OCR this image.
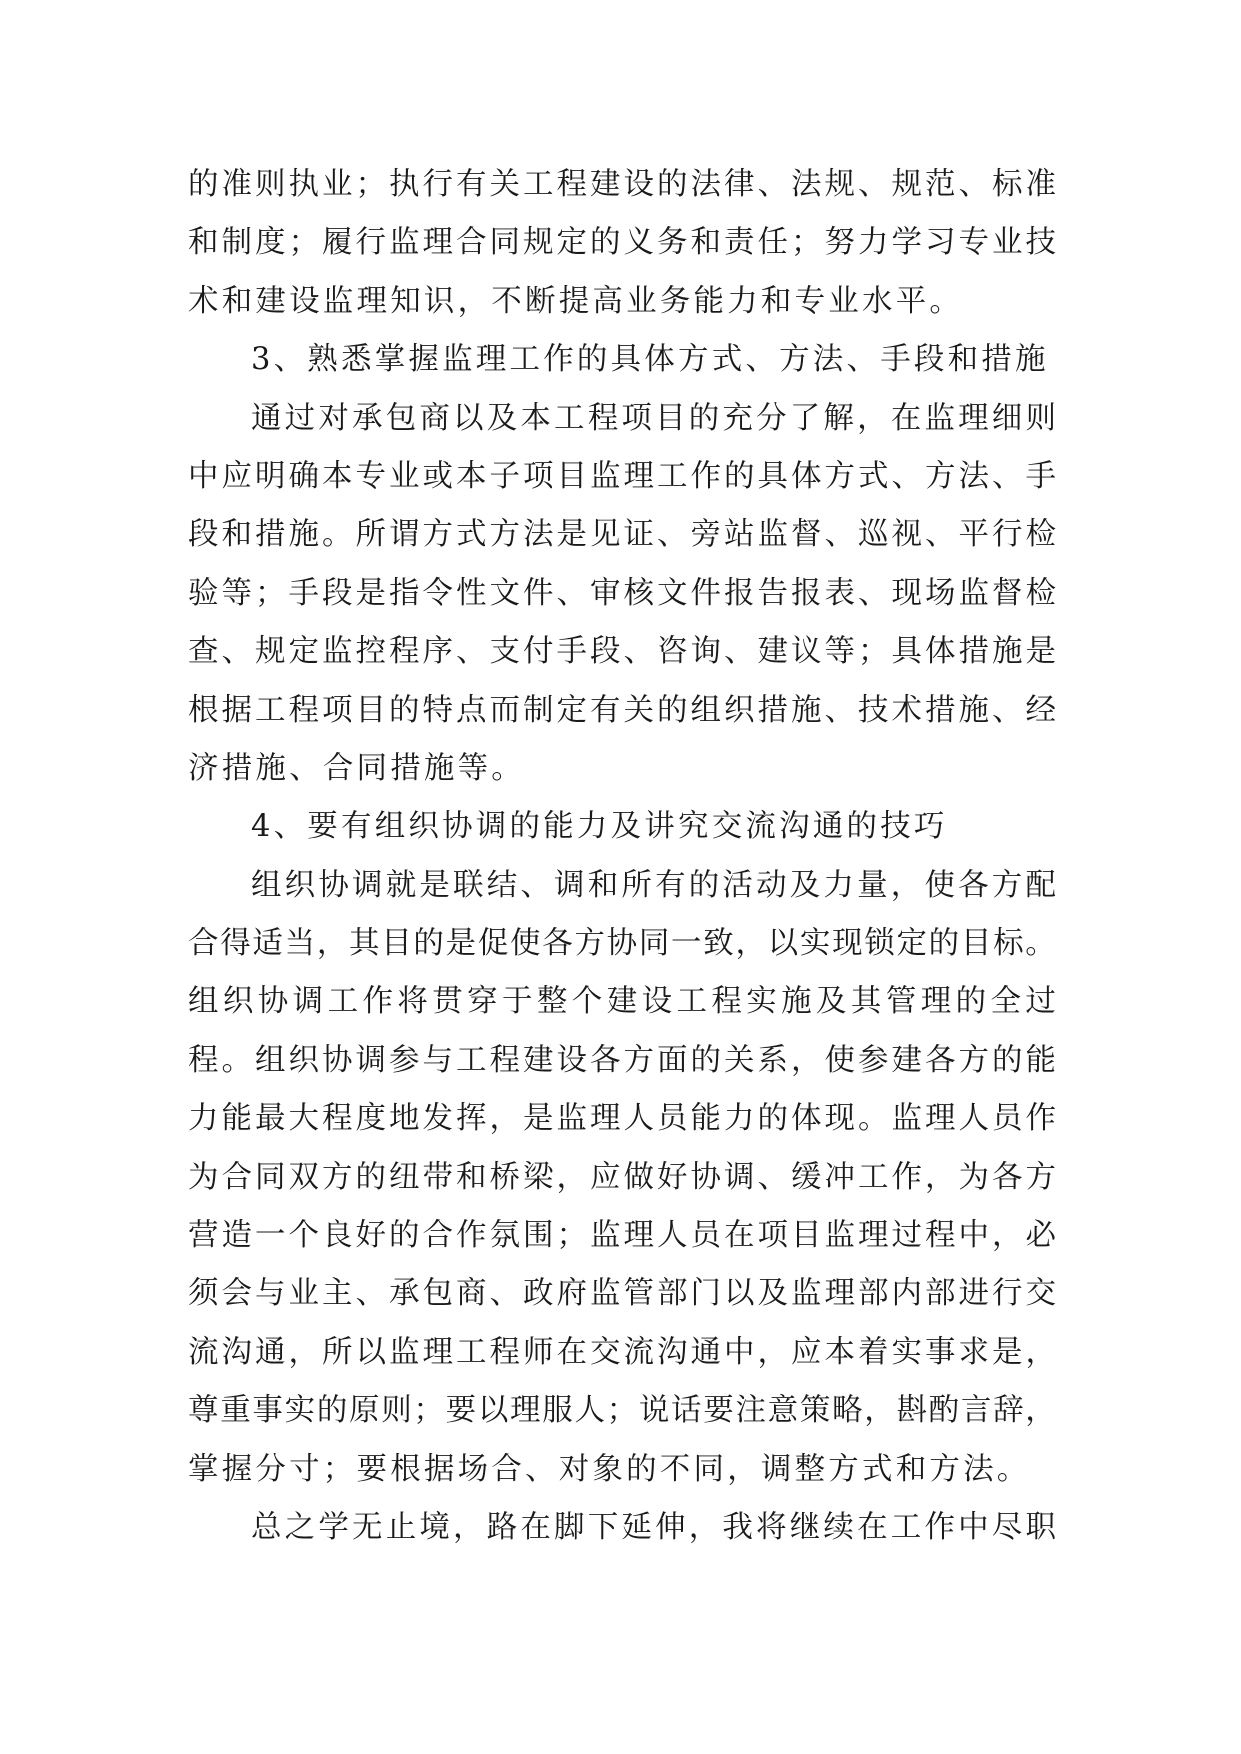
的 准 则 执 业 ； 执 行 有 关 工 程 建 设 的 法 律 、 法 规 、 规 范 、 标 准
和 制 度 ； 履 行 监 理 合 同 规 定 的 义 务 和 责 任 ； 努 力 学 习 专 业 技
术和建设监理知识，不断提高业务能力和专业水平。
3、熟悉掌握监理工作的具体方式、方法、手段和措施
通 过 对 承 包 商 以 及 本 工 程 项 目 的 充 分 了 解 ， 在 监 理 细 则
中 应 明 确 本 专 业 或 本 子 项 目 监 理 工 作 的 具 体 方 式 、 方 法 、 手
段 和 措 施 。 所 谓 方 式 方 法 是 见 证 、 旁 站 监 督 、 巡 视 、 平 行 检
验 等 ； 手 段 是 指 令 性 文 件 、 审 核 文 件 报 告 报 表 、 现 场 监 督 检
查 、 规 定 监 控 程 序 、 支 付 手 段 、 咨 询 、 建 议 等 ； 具 体 措 施 是
根 据 工 程 项 目 的 特 点 而 制 定 有 关 的 组 织 措 施 、 技 术 措 施 、 经
济措施、合同措施等。
4、要有组织协调的能力及讲究交流沟通的技巧
组 织 协 调 就 是 联 结 、 调 和 所 有 的 活 动 及 力 量 ， 使 各 方 配
合 得 适 当 ， 其 目 的 是 促 使 各 方 协 同 一 致 ， 以 实 现 锁 定 的 目 标 。
组 织 协 调 工 作 将 贯 穿 于 整 个 建 设 工 程 实 施 及 其 管 理 的 全 过
程 。 组 织 协 调 参 与 工 程 建 设 各 方 面 的 关 系 ， 使 参 建 各 方 的 能
力 能 最 大 程 度 地 发 挥 ， 是 监 理 人 员 能 力 的 体 现 。 监 理 人 员 作
为 合 同 双 方 的 纽 带 和 桥 梁 ， 应 做 好 协 调 、 缓 冲 工 作 ， 为 各 方
营 造 一 个 良 好 的 合 作 氛 围 ； 监 理 人 员 在 项 目 监 理 过 程 中 ， 必
须 会 与 业 主 、 承 包 商 、 政 府 监 管 部 门 以 及 监 理 部 内 部 进 行 交
流 沟 通 ， 所 以 监 理 工 程 师 在 交 流 沟 通 中 ， 应 本 着 实 事 求 是 ，
尊 重 事 实 的 原 则 ； 要 以 理 服 人 ； 说 话 要 注 意 策 略 ， 斟 酌 言 辞 ，
掌握分寸；要根据场合、对象的不同，调整方式和方法。
总 之 学 无 止 境 ， 路 在 脚 下 延 伸 ， 我 将 继 续 在 工 作 中 尽 职
